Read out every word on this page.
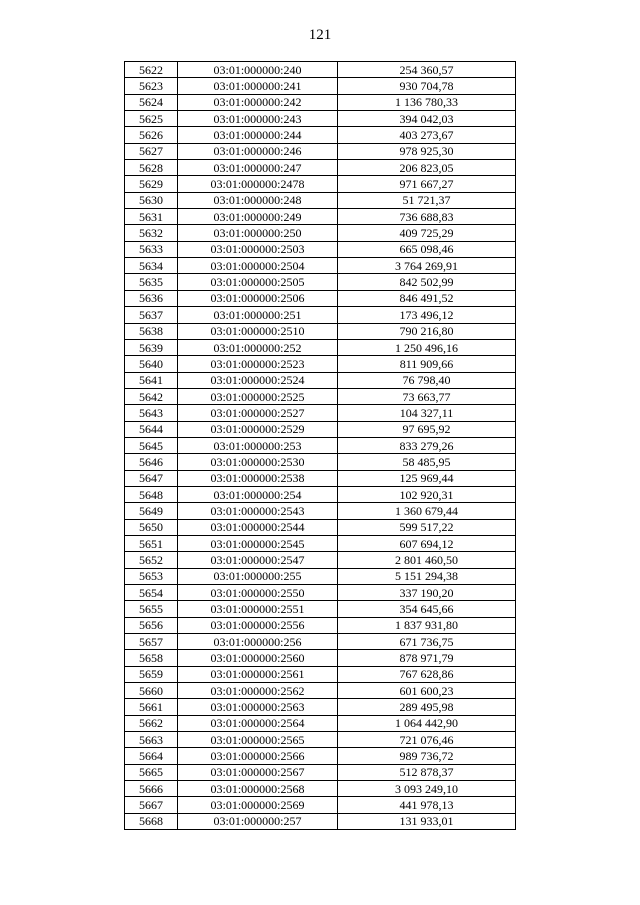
121
5622	03:01:000000:240	254 360,57
5623	03:01:000000:241	930 704,78
5624	03:01:000000:242	1 136 780,33
5625	03:01:000000:243	394 042,03
5626	03:01:000000:244	403 273,67
5627	03:01:000000:246	978 925,30
5628	03:01:000000:247	206 823,05
5629	03:01:000000:2478	971 667,27
5630	03:01:000000:248	51 721,37
5631	03:01:000000:249	736 688,83
5632	03:01:000000:250	409 725,29
5633	03:01:000000:2503	665 098,46
5634	03:01:000000:2504	3 764 269,91
5635	03:01:000000:2505	842 502,99
5636	03:01:000000:2506	846 491,52
5637	03:01:000000:251	173 496,12
5638	03:01:000000:2510	790 216,80
5639	03:01:000000:252	1 250 496,16
5640	03:01:000000:2523	811 909,66
5641	03:01:000000:2524	76 798,40
5642	03:01:000000:2525	73 663,77
5643	03:01:000000:2527	104 327,11
5644	03:01:000000:2529	97 695,92
5645	03:01:000000:253	833 279,26
5646	03:01:000000:2530	58 485,95
5647	03:01:000000:2538	125 969,44
5648	03:01:000000:254	102 920,31
5649	03:01:000000:2543	1 360 679,44
5650	03:01:000000:2544	599 517,22
5651	03:01:000000:2545	607 694,12
5652	03:01:000000:2547	2 801 460,50
5653	03:01:000000:255	5 151 294,38
5654	03:01:000000:2550	337 190,20
5655	03:01:000000:2551	354 645,66
5656	03:01:000000:2556	1 837 931,80
5657	03:01:000000:256	671 736,75
5658	03:01:000000:2560	878 971,79
5659	03:01:000000:2561	767 628,86
5660	03:01:000000:2562	601 600,23
5661	03:01:000000:2563	289 495,98
5662	03:01:000000:2564	1 064 442,90
5663	03:01:000000:2565	721 076,46
5664	03:01:000000:2566	989 736,72
5665	03:01:000000:2567	512 878,37
5666	03:01:000000:2568	3 093 249,10
5667	03:01:000000:2569	441 978,13
5668	03:01:000000:257	131 933,01
